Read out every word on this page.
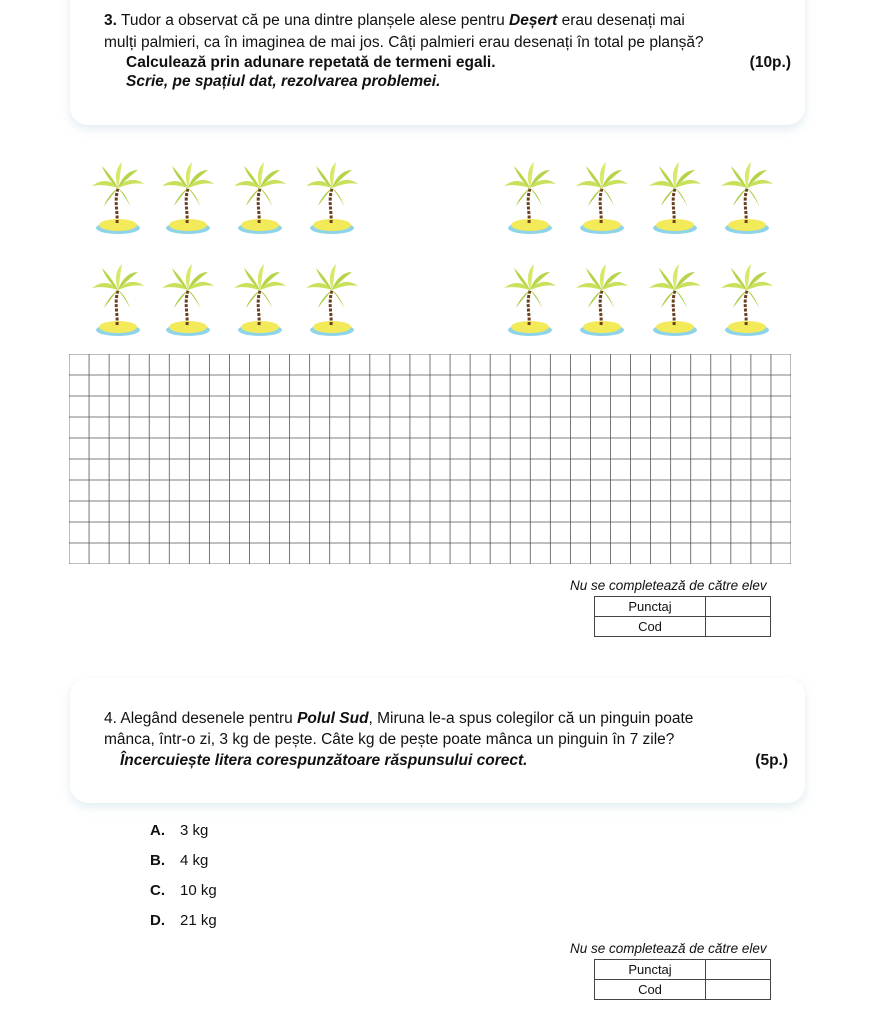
3. Tudor a observat că pe una dintre planșele alese pentru Deșert erau desenați mai
mulți palmieri, ca în imaginea de mai jos. Câți palmieri erau desenați în total pe planșă?
Calculează prin adunare repetată de termeni egali.	(10p.)
Scrie, pe spațiul dat, rezolvarea problemei.
Nu se completează de către elev
Punctaj	
Cod	
4. Alegând desenele pentru Polul Sud, Miruna le-a spus colegilor că un pinguin poate
mânca, într-o zi, 3 kg de pește. Câte kg de pește poate mânca un pinguin în 7 zile?
Încercuiește litera corespunzătoare răspunsului corect.	(5p.)
A. 3 kg
B. 4 kg
C. 10 kg
D. 21 kg
Nu se completează de către elev
Punctaj	
Cod	
